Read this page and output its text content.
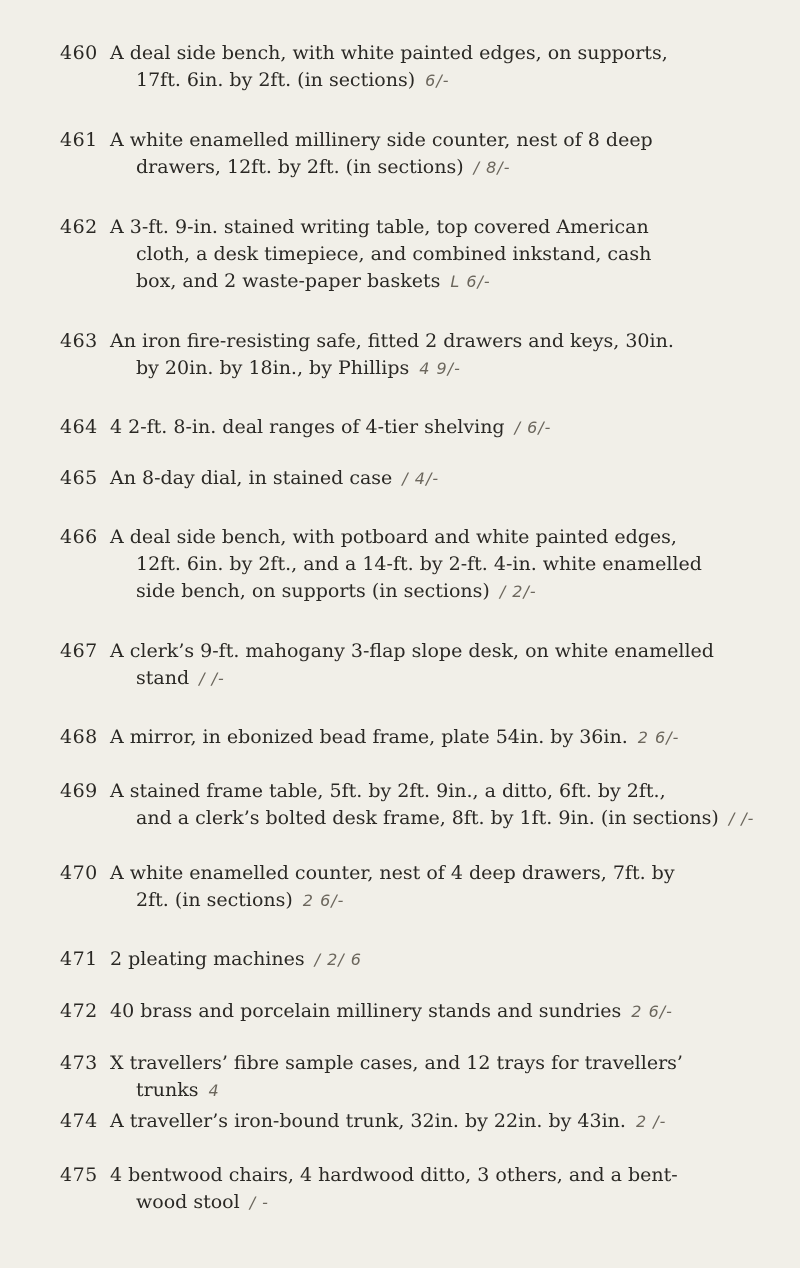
460 A deal side bench, with white painted edges, on supports,
17ft. 6in. by 2ft. (in sections) 6/-
461 A white enamelled millinery side counter, nest of 8 deep
drawers, 12ft. by 2ft. (in sections) / 8/-
462 A 3-ft. 9-in. stained writing table, top covered American
cloth, a desk timepiece, and combined inkstand, cash
box, and 2 waste-paper baskets L 6/-
463 An iron fire-resisting safe, fitted 2 drawers and keys, 30in.
by 20in. by 18in., by Phillips 4 9/-
464 4 2-ft. 8-in. deal ranges of 4-tier shelving / 6/-
465 An 8-day dial, in stained case / 4/-
466 A deal side bench, with potboard and white painted edges,
12ft. 6in. by 2ft., and a 14-ft. by 2-ft. 4-in. white enamelled
side bench, on supports (in sections) / 2/-
467 A clerk’s 9-ft. mahogany 3-flap slope desk, on white enamelled
stand / /-
468 A mirror, in ebonized bead frame, plate 54in. by 36in. 2 6/-
469 A stained frame table, 5ft. by 2ft. 9in., a ditto, 6ft. by 2ft.,
and a clerk’s bolted desk frame, 8ft. by 1ft. 9in. (in sections) / /-
470 A white enamelled counter, nest of 4 deep drawers, 7ft. by
2ft. (in sections) 2 6/-
471 2 pleating machines / 2/ 6
472 40 brass and porcelain millinery stands and sundries 2 6/-
473 X travellers’ fibre sample cases, and 12 trays for travellers’
trunks 4
474 A traveller’s iron-bound trunk, 32in. by 22in. by 43in. 2 /-
475 4 bentwood chairs, 4 hardwood ditto, 3 others, and a bent-
wood stool / -
